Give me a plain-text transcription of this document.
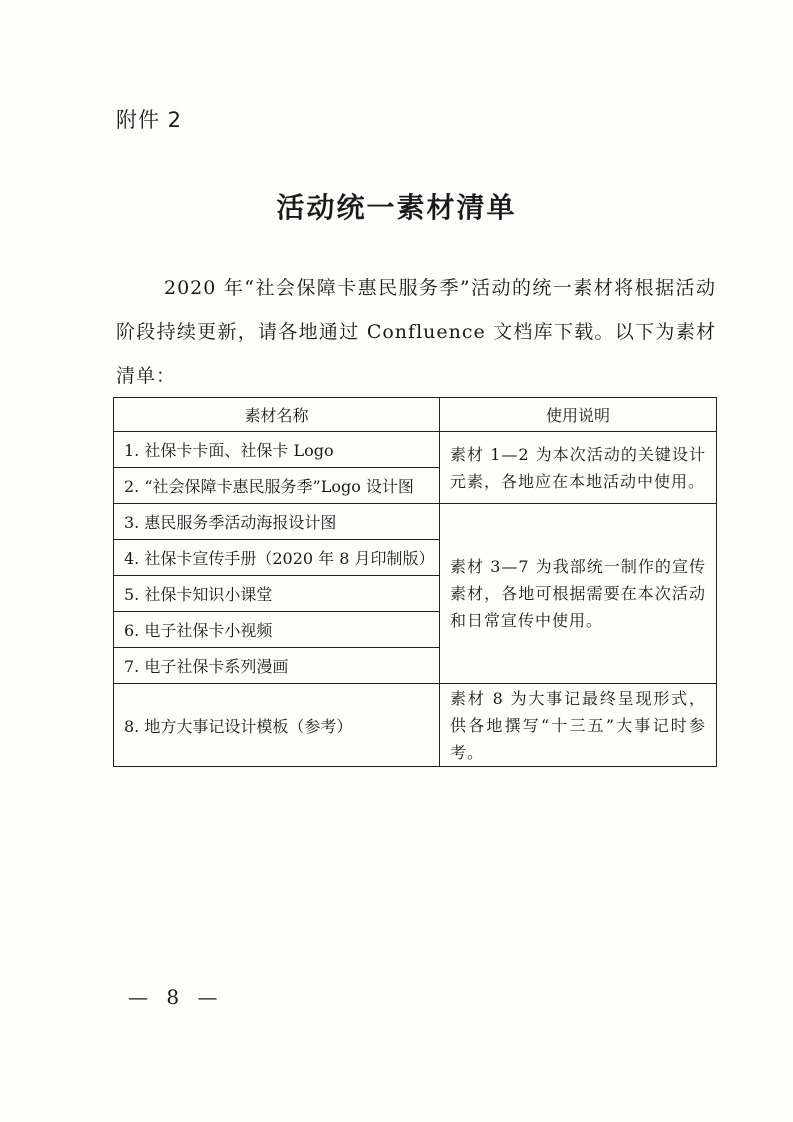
附件 2
活动统一素材清单

2020 年“社会保障卡惠民服务季”活动的统一素材将根据活动阶段持续更新，请各地通过 Confluence 文档库下载。以下为素材清单：

素材名称	使用说明
1. 社保卡卡面、社保卡 Logo	素材 1—2 为本次活动的关键设计元素，各地应在本地活动中使用。
2. “社会保障卡惠民服务季”Logo 设计图	
3. 惠民服务季活动海报设计图	素材 3—7 为我部统一制作的宣传素材，各地可根据需要在本次活动和日常宣传中使用。
4. 社保卡宣传手册（2020 年 8 月印制版）	
5. 社保卡知识小课堂	
6. 电子社保卡小视频	
7. 电子社保卡系列漫画	
8. 地方大事记设计模板（参考）	素材 8 为大事记最终呈现形式，供各地撰写“十三五”大事记时参考。
— 8 —
